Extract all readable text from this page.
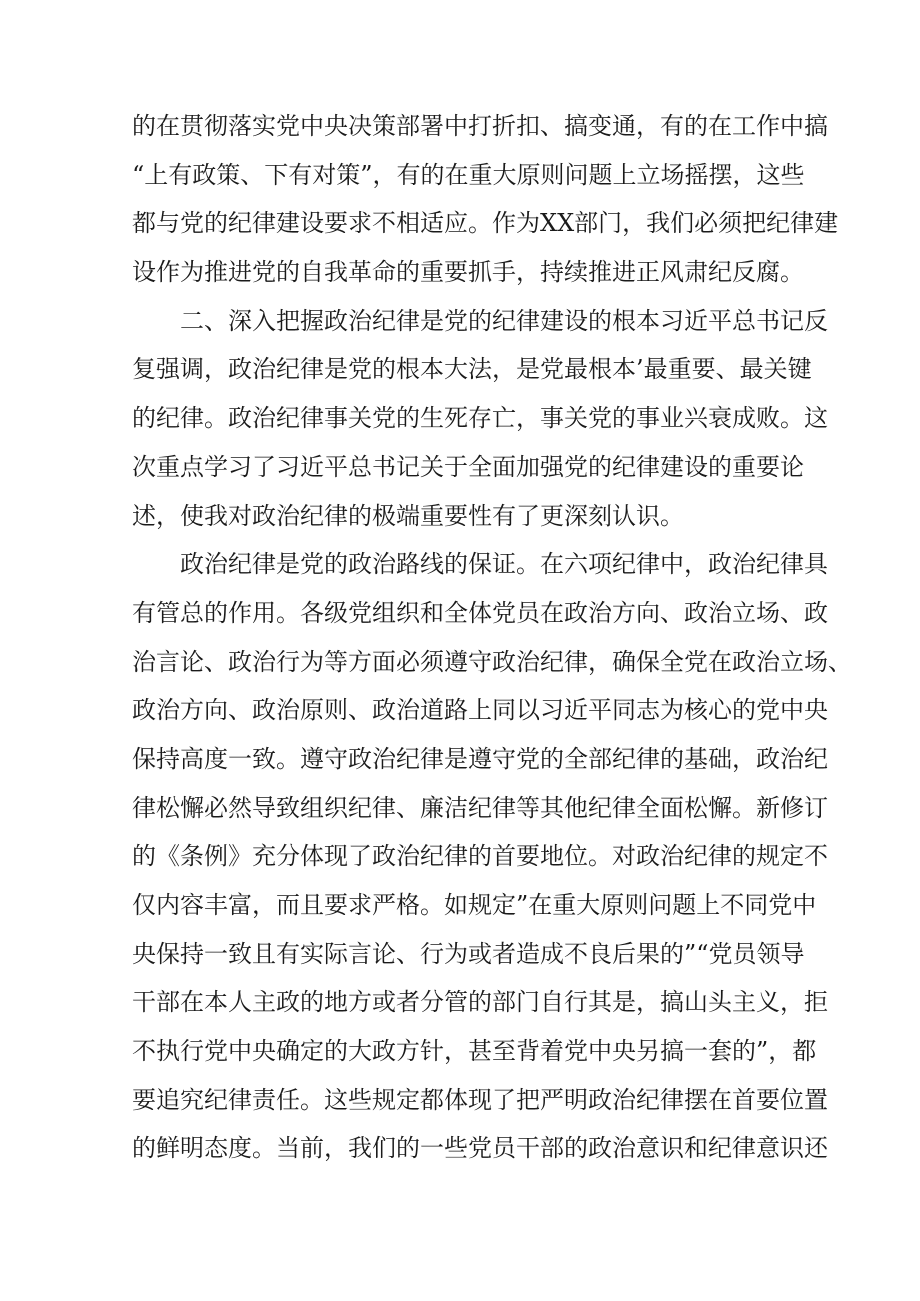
的在贯彻落实党中央决策部署中打折扣、搞变通，有的在工作中搞
“上有政策、下有对策”，有的在重大原则问题上立场摇摆，这些
都与党的纪律建设要求不相适应。作为XX部门，我们必须把纪律建
设作为推进党的自我革命的重要抓手，持续推进正风肃纪反腐。
二、深入把握政治纪律是党的纪律建设的根本习近平总书记反
复强调，政治纪律是党的根本大法，是党最根本’最重要、最关键
的纪律。政治纪律事关党的生死存亡，事关党的事业兴衰成败。这
次重点学习了习近平总书记关于全面加强党的纪律建设的重要论
述，使我对政治纪律的极端重要性有了更深刻认识。
政治纪律是党的政治路线的保证。在六项纪律中，政治纪律具
有管总的作用。各级党组织和全体党员在政治方向、政治立场、政
治言论、政治行为等方面必须遵守政治纪律，确保全党在政治立场、
政治方向、政治原则、政治道路上同以习近平同志为核心的党中央
保持高度一致。遵守政治纪律是遵守党的全部纪律的基础，政治纪
律松懈必然导致组织纪律、廉洁纪律等其他纪律全面松懈。新修订
的《条例》充分体现了政治纪律的首要地位。对政治纪律的规定不
仅内容丰富，而且要求严格。如规定”在重大原则问题上不同党中
央保持一致且有实际言论、行为或者造成不良后果的”“党员领导
干部在本人主政的地方或者分管的部门自行其是，搞山头主义，拒
不执行党中央确定的大政方针，甚至背着党中央另搞一套的”，都
要追究纪律责任。这些规定都体现了把严明政治纪律摆在首要位置
的鲜明态度。当前，我们的一些党员干部的政治意识和纪律意识还
